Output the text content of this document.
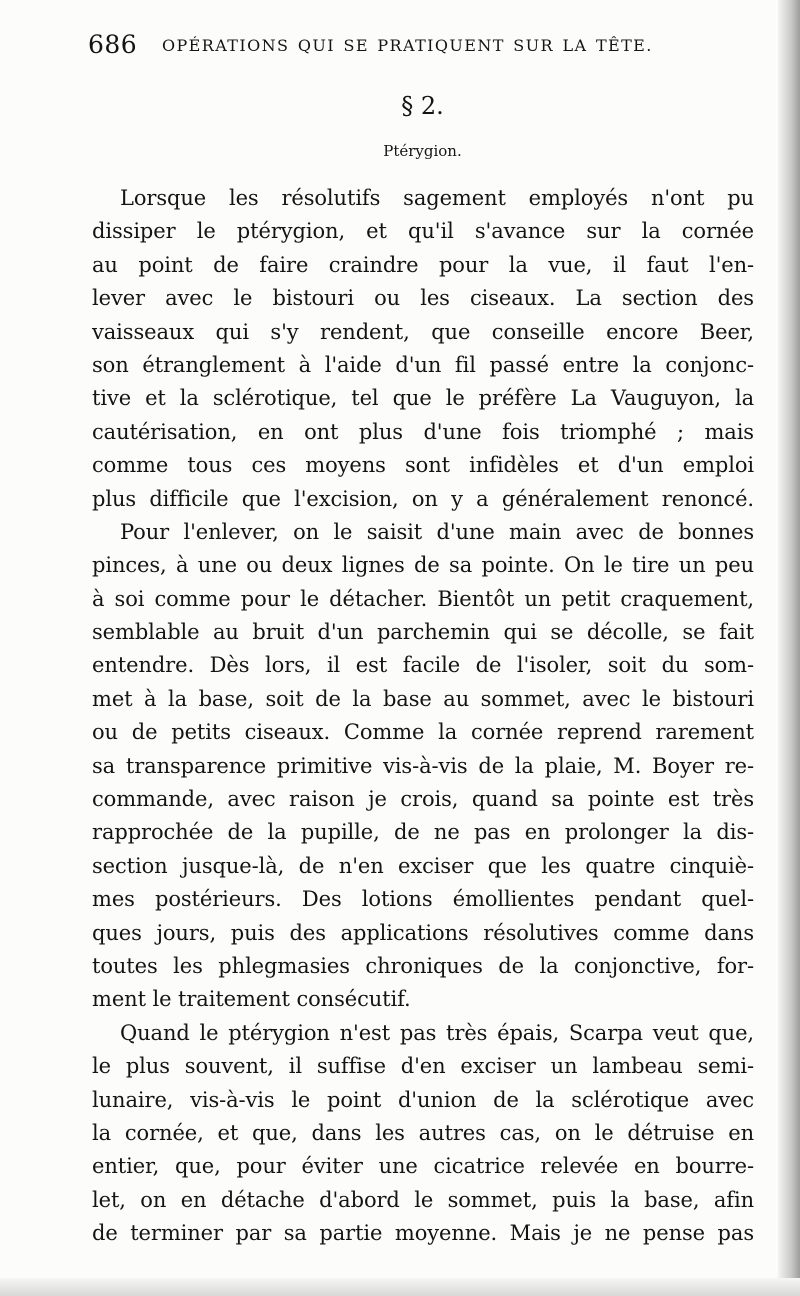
686 OPÉRATIONS QUI SE PRATIQUENT SUR LA TÊTE.
§ 2.
Ptérygion.
Lorsque les résolutifs sagement employés n'ont pu
dissiper le ptérygion, et qu'il s'avance sur la cornée
au point de faire craindre pour la vue, il faut l'en-
lever avec le bistouri ou les ciseaux. La section des
vaisseaux qui s'y rendent, que conseille encore Beer,
son étranglement à l'aide d'un fil passé entre la conjonc-
tive et la sclérotique, tel que le préfère La Vauguyon, la
cautérisation, en ont plus d'une fois triomphé ; mais
comme tous ces moyens sont infidèles et d'un emploi
plus difficile que l'excision, on y a généralement renoncé.
Pour l'enlever, on le saisit d'une main avec de bonnes
pinces, à une ou deux lignes de sa pointe. On le tire un peu
à soi comme pour le détacher. Bientôt un petit craquement,
semblable au bruit d'un parchemin qui se décolle, se fait
entendre. Dès lors, il est facile de l'isoler, soit du som-
met à la base, soit de la base au sommet, avec le bistouri
ou de petits ciseaux. Comme la cornée reprend rarement
sa transparence primitive vis-à-vis de la plaie, M. Boyer re-
commande, avec raison je crois, quand sa pointe est très
rapprochée de la pupille, de ne pas en prolonger la dis-
section jusque-là, de n'en exciser que les quatre cinquiè-
mes postérieurs. Des lotions émollientes pendant quel-
ques jours, puis des applications résolutives comme dans
toutes les phlegmasies chroniques de la conjonctive, for-
ment le traitement consécutif.
Quand le ptérygion n'est pas très épais, Scarpa veut que,
le plus souvent, il suffise d'en exciser un lambeau semi-
lunaire, vis-à-vis le point d'union de la sclérotique avec
la cornée, et que, dans les autres cas, on le détruise en
entier, que, pour éviter une cicatrice relevée en bourre-
let, on en détache d'abord le sommet, puis la base, afin
de terminer par sa partie moyenne. Mais je ne pense pas
